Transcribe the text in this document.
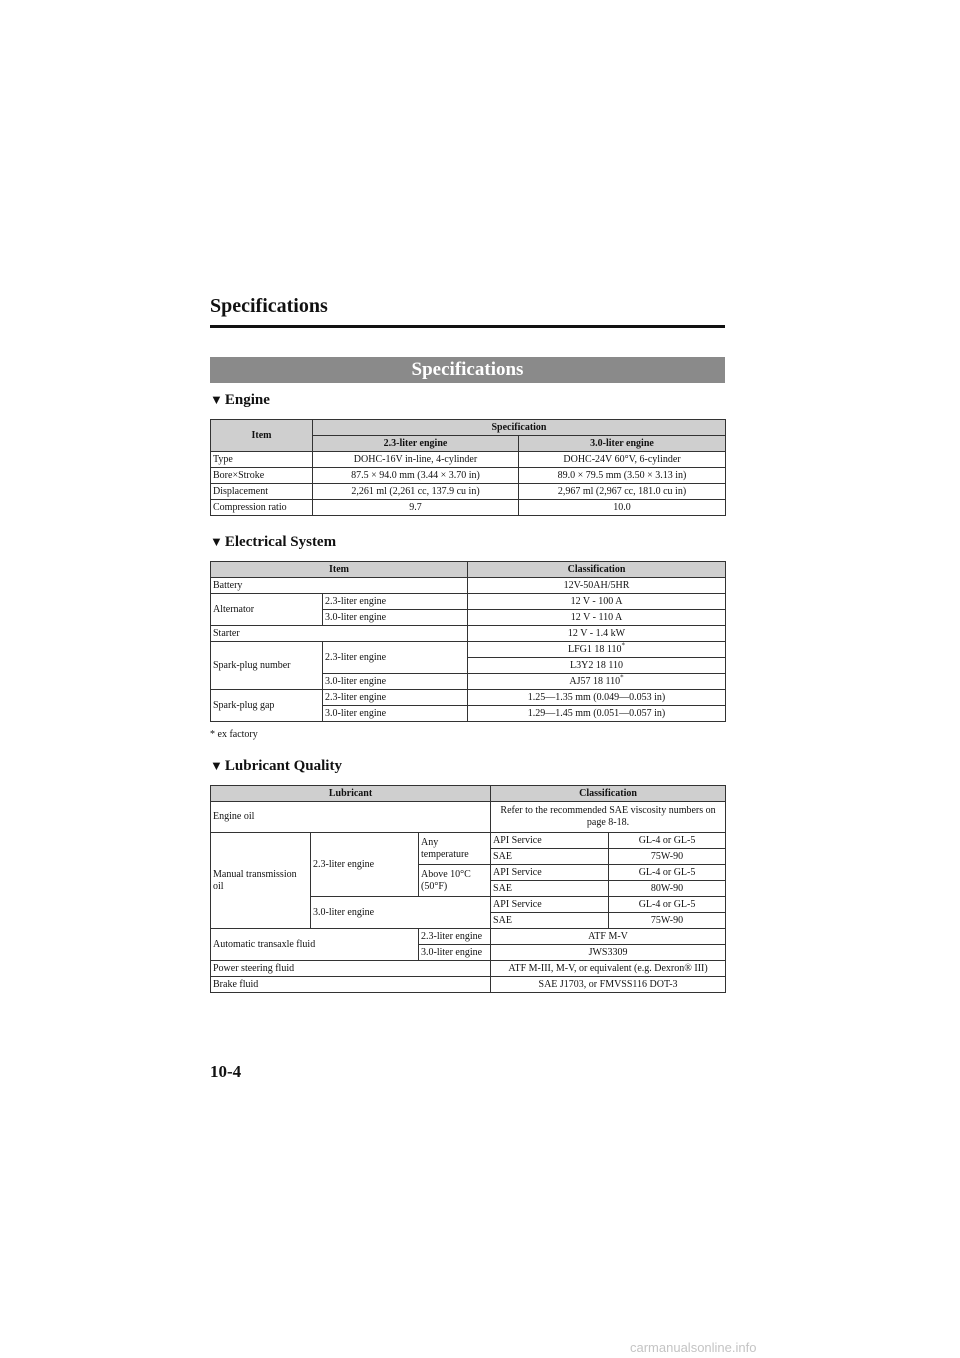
Specifications
Specifications
▼ Engine
Item	Specification	
	2.3-liter engine	3.0-liter engine
Type	DOHC-16V in-line, 4-cylinder	DOHC-24V 60°V, 6-cylinder
Bore×Stroke	87.5 × 94.0 mm (3.44 × 3.70 in)	89.0 × 79.5 mm (3.50 × 3.13 in)
Displacement	2,261 ml (2,261 cc, 137.9 cu in)	2,967 ml (2,967 cc, 181.0 cu in)
Compression ratio	9.7	10.0
▼ Electrical System
Item		Classification
Battery		12V-50AH/5HR
Alternator	2.3-liter engine	12 V - 100 A
	3.0-liter engine	12 V - 110 A
Starter		12 V - 1.4 kW
Spark-plug number	2.3-liter engine	LFG1 18 110*
		L3Y2 18 110
	3.0-liter engine	AJ57 18 110*
Spark-plug gap	2.3-liter engine	1.25—1.35 mm (0.049—0.053 in)
	3.0-liter engine	1.29—1.45 mm (0.051—0.057 in)
* ex factory
▼ Lubricant Quality
Lubricant			Classification	
Engine oil			Refer to the recommended SAE viscosity numbers on page 8-18.	
Manual transmission oil	2.3-liter engine	Any temperature	API Service	GL-4 or GL-5
			SAE	75W-90
		Above 10°C (50°F)	API Service	GL-4 or GL-5
			SAE	80W-90
	3.0-liter engine		API Service	GL-4 or GL-5
			SAE	75W-90
Automatic transaxle fluid		2.3-liter engine	ATF M-V	
		3.0-liter engine	JWS3309	
Power steering fluid			ATF M-III, M-V, or equivalent (e.g. Dexron® III)	
Brake fluid			SAE J1703, or FMVSS116 DOT-3	
10-4
carmanualsonline.info
